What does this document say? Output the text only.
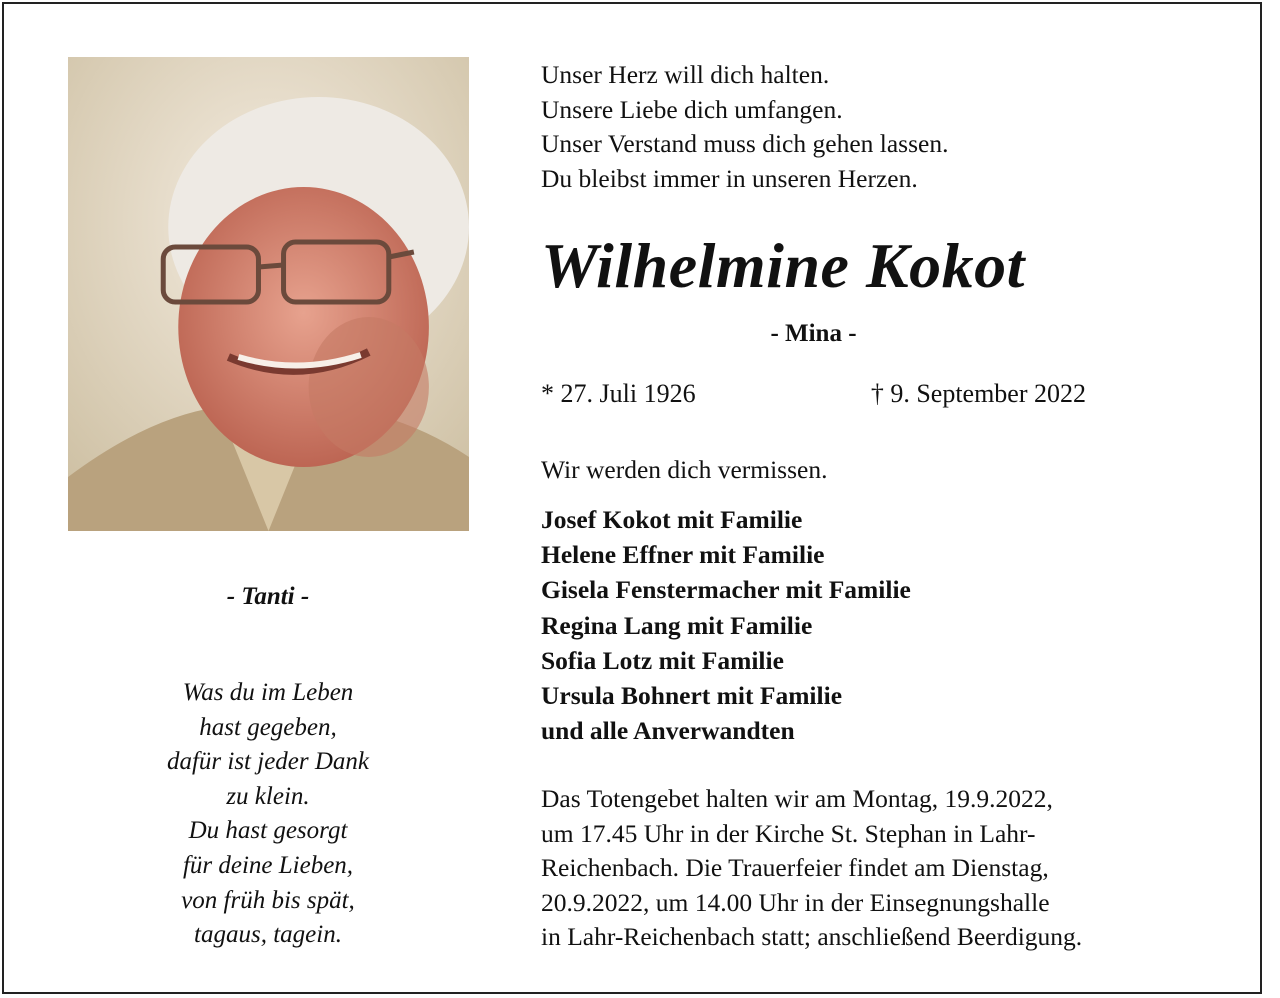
- Tanti -
Was du im Leben
hast gegeben,
dafür ist jeder Dank
zu klein.
Du hast gesorgt
für deine Lieben,
von früh bis spät,
tagaus, tagein.
Unser Herz will dich halten.
Unsere Liebe dich umfangen.
Unser Verstand muss dich gehen lassen.
Du bleibst immer in unseren Herzen.
Wilhelmine Kokot
- Mina -
* 27. Juli 1926	† 9. September 2022
Wir werden dich vermissen.
Josef Kokot mit Familie
Helene Effner mit Familie
Gisela Fenstermacher mit Familie
Regina Lang mit Familie
Sofia Lotz mit Familie
Ursula Bohnert mit Familie
und alle Anverwandten
Das Totengebet halten wir am Montag, 19.9.2022,
um 17.45 Uhr in der Kirche St. Stephan in Lahr-
Reichenbach. Die Trauerfeier findet am Dienstag,
20.9.2022, um 14.00 Uhr in der Einsegnungshalle
in Lahr-Reichenbach statt; anschließend Beerdigung.
